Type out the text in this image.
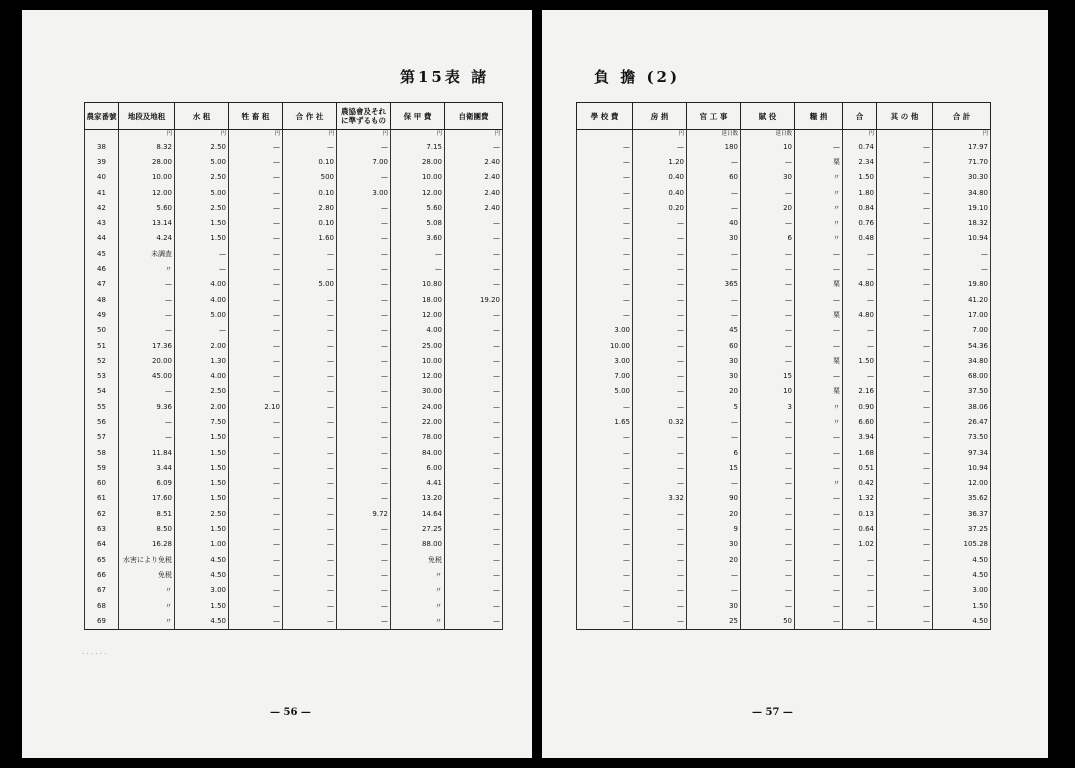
第15表 諸
農家番號	地段及地租	水 租	牲 畜 租	合 作 社	農協會及それに準ずるもの	保 甲 費	自衛團費
	円	円	円	円	円	円	円
38	8.32	2.50	—	—	—	7.15	—
39	28.00	5.00	—	0.10	7.00	28.00	2.40
40	10.00	2.50	—	500	—	10.00	2.40
41	12.00	5.00	—	0.10	3.00	12.00	2.40
42	5.60	2.50	—	2.80	—	5.60	2.40
43	13.14	1.50	—	0.10	—	5.08	—
44	4.24	1.50	—	1.60	—	3.60	—
45	未調査	—	—	—	—	—	—
46	〃	—	—	—	—	—	—
47	—	4.00	—	5.00	—	10.80	—
48	—	4.00	—	—	—	18.00	19.20
49	—	5.00	—	—	—	12.00	—
50	—	—	—	—	—	4.00	—
51	17.36	2.00	—	—	—	25.00	—
52	20.00	1.30	—	—	—	10.00	—
53	45.00	4.00	—	—	—	12.00	—
54	—	2.50	—	—	—	30.00	—
55	9.36	2.00	2.10	—	—	24.00	—
56	—	7.50	—	—	—	22.00	—
57	—	1.50	—	—	—	78.00	—
58	11.84	1.50	—	—	—	84.00	—
59	3.44	1.50	—	—	—	6.00	—
60	6.09	1.50	—	—	—	4.41	—
61	17.60	1.50	—	—	—	13.20	—
62	8.51	2.50	—	—	9.72	14.64	—
63	8.50	1.50	—	—	—	27.25	—
64	16.28	1.00	—	—	—	88.00	—
65	水害により免税	4.50	—	—	—	免税	—
66	免税	4.50	—	—	—	〃	—
67	〃	3.00	—	—	—	〃	—
68	〃	1.50	—	—	—	〃	—
69	〃	4.50	—	—	—	〃	—
· · · · · ·
— 56 —
負 擔 (2)
學 校 費	房 捐	官 工 事	賦 役	糧 捐	合	其 の 他	合 計
	円	延日数	延日数		円		円
—	—	180	10	—	0.74	—	17.97
—	1.20	—	—	栗	2.34	—	71.70
—	0.40	60	30	〃	1.50	—	30.30
—	0.40	—	—	〃	1.80	—	34.80
—	0.20	—	20	〃	0.84	—	19.10
—	—	40	—	〃	0.76	—	18.32
—	—	30	6	〃	0.48	—	10.94
—	—	—	—	—	—	—	—
—	—	—	—	—	—	—	—
—	—	365	—	栗	4.80	—	19.80
—	—	—	—	—	—	—	41.20
—	—	—	—	栗	4.80	—	17.00
3.00	—	45	—	—	—	—	7.00
10.00	—	60	—	—	—	—	54.36
3.00	—	30	—	栗	1.50	—	34.80
7.00	—	30	15	—	—	—	68.00
5.00	—	20	10	栗	2.16	—	37.50
—	—	5	3	〃	0.90	—	38.06
1.65	0.32	—	—	〃	6.60	—	26.47
—	—	—	—	—	3.94	—	73.50
—	—	6	—	—	1.68	—	97.34
—	—	15	—	—	0.51	—	10.94
—	—	—	—	〃	0.42	—	12.00
—	3.32	90	—	—	1.32	—	35.62
—	—	20	—	—	0.13	—	36.37
—	—	9	—	—	0.64	—	37.25
—	—	30	—	—	1.02	—	105.28
—	—	20	—	—	—	—	4.50
—	—	—	—	—	—	—	4.50
—	—	—	—	—	—	—	3.00
—	—	30	—	—	—	—	1.50
—	—	25	50	—	—	—	4.50
— 57 —
